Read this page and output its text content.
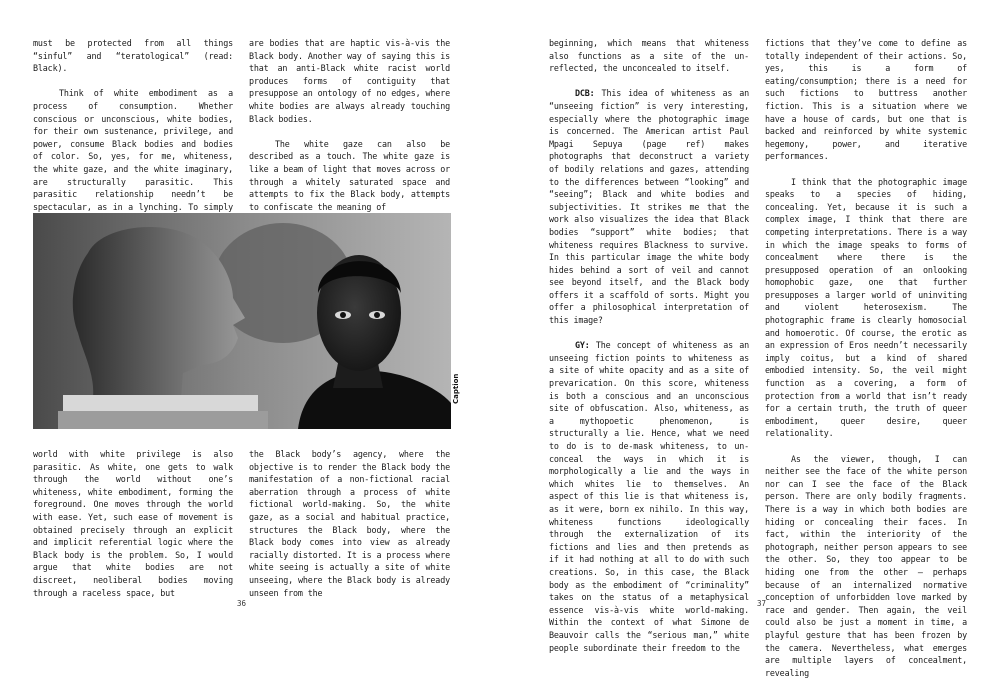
must be protected from all things “sinful” and “teratological” (read: Black).

Think of white embodiment as a process of consumption. Whether conscious or unconscious, white bodies, for their own sustenance, privilege, and power, consume Black bodies and bodies of color. So, yes, for me, whiteness, the white gaze, and the white imaginary, are structurally parasitic. This parasitic relationship needn’t be spectacular, as in a lynching. To simply

are bodies that are haptic vis-à-vis the Black body. Another way of saying this is that an anti-Black white racist world produces forms of contiguity that presuppose an ontology of no edges, where white bodies are always already touching Black bodies.

The white gaze can also be described as a touch. The white gaze is like a beam of light that moves across or through a whitely saturated space and attempts to fix the Black body, attempts to confiscate the meaning of

Caption

world with white privilege is also parasitic. As white, one gets to walk through the world without one’s whiteness, white embodiment, forming the foreground. One moves through the world with ease. Yet, such ease of movement is obtained precisely through an explicit and implicit referential logic where the Black body is the problem. So, I would argue that white bodies are not discreet, neoliberal bodies moving through a raceless space, but

the Black body’s agency, where the objective is to render the Black body the manifestation of a non-fictional racial aberration through a process of white fictional world-making. So, the white gaze, as a social and habitual practice, structures the Black body, where the Black body comes into view as already racially distorted. It is a process where white seeing is actually a site of white unseeing, where the Black body is already unseen from the

36

beginning, which means that whiteness also functions as a site of the un-reflected, the unconcealed to itself.

DCB: This idea of whiteness as an “unseeing fiction” is very interesting, especially where the photographic image is concerned. The American artist Paul Mpagi Sepuya (page ref) makes photographs that deconstruct a variety of bodily relations and gazes, attending to the differences between “looking” and “seeing”; Black and white bodies and subjectivities. It strikes me that the work also visualizes the idea that Black bodies “support” white bodies; that whiteness requires Blackness to survive. In this particular image the white body hides behind a sort of veil and cannot see beyond itself, and the Black body offers it a scaffold of sorts. Might you offer a philosophical interpretation of this image?

GY: The concept of whiteness as an unseeing fiction points to whiteness as a site of white opacity and as a site of prevarication. On this score, whiteness is both a conscious and an unconscious site of obfuscation. Also, whiteness, as a mythopoetic phenomenon, is structurally a lie. Hence, what we need to do is to de-mask whiteness, to un-conceal the ways in which it is morphologically a lie and the ways in which whites lie to themselves. An aspect of this lie is that whiteness is, as it were, born ex nihilo. In this way, whiteness functions ideologically through the externalization of its fictions and lies and then pretends as if it had nothing at all to do with such creations. So, in this case, the Black body as the embodiment of “criminality” takes on the status of a metaphysical essence vis-à-vis white world-making. Within the context of what Simone de Beauvoir calls the “serious man,” white people subordinate their freedom to the

fictions that they’ve come to define as totally independent of their actions. So, yes, this is a form of eating/consumption; there is a need for such fictions to buttress another fiction. This is a situation where we have a house of cards, but one that is backed and reinforced by white systemic hegemony, power, and iterative performances.

I think that the photographic image speaks to a species of hiding, concealing. Yet, because it is such a complex image, I think that there are competing interpretations. There is a way in which the image speaks to forms of concealment where there is the presupposed operation of an onlooking homophobic gaze, one that further presupposes a larger world of uninviting and violent heterosexism. The photographic frame is clearly homosocial and homoerotic. Of course, the erotic as an expression of Eros needn’t necessarily imply coitus, but a kind of shared embodied intensity. So, the veil might function as a covering, a form of protection from a world that isn’t ready for a certain truth, the truth of queer embodiment, queer desire, queer relationality.

As the viewer, though, I can neither see the face of the white person nor can I see the face of the Black person. There are only bodily fragments. There is a way in which both bodies are hiding or concealing their faces. In fact, within the interiority of the photograph, neither person appears to see the other. So, they too appear to be hiding one from the other – perhaps because of an internalized normative conception of unforbidden love marked by race and gender. Then again, the veil could also be just a moment in time, a playful gesture that has been frozen by the camera. Nevertheless, what emerges are multiple layers of concealment, revealing

37
